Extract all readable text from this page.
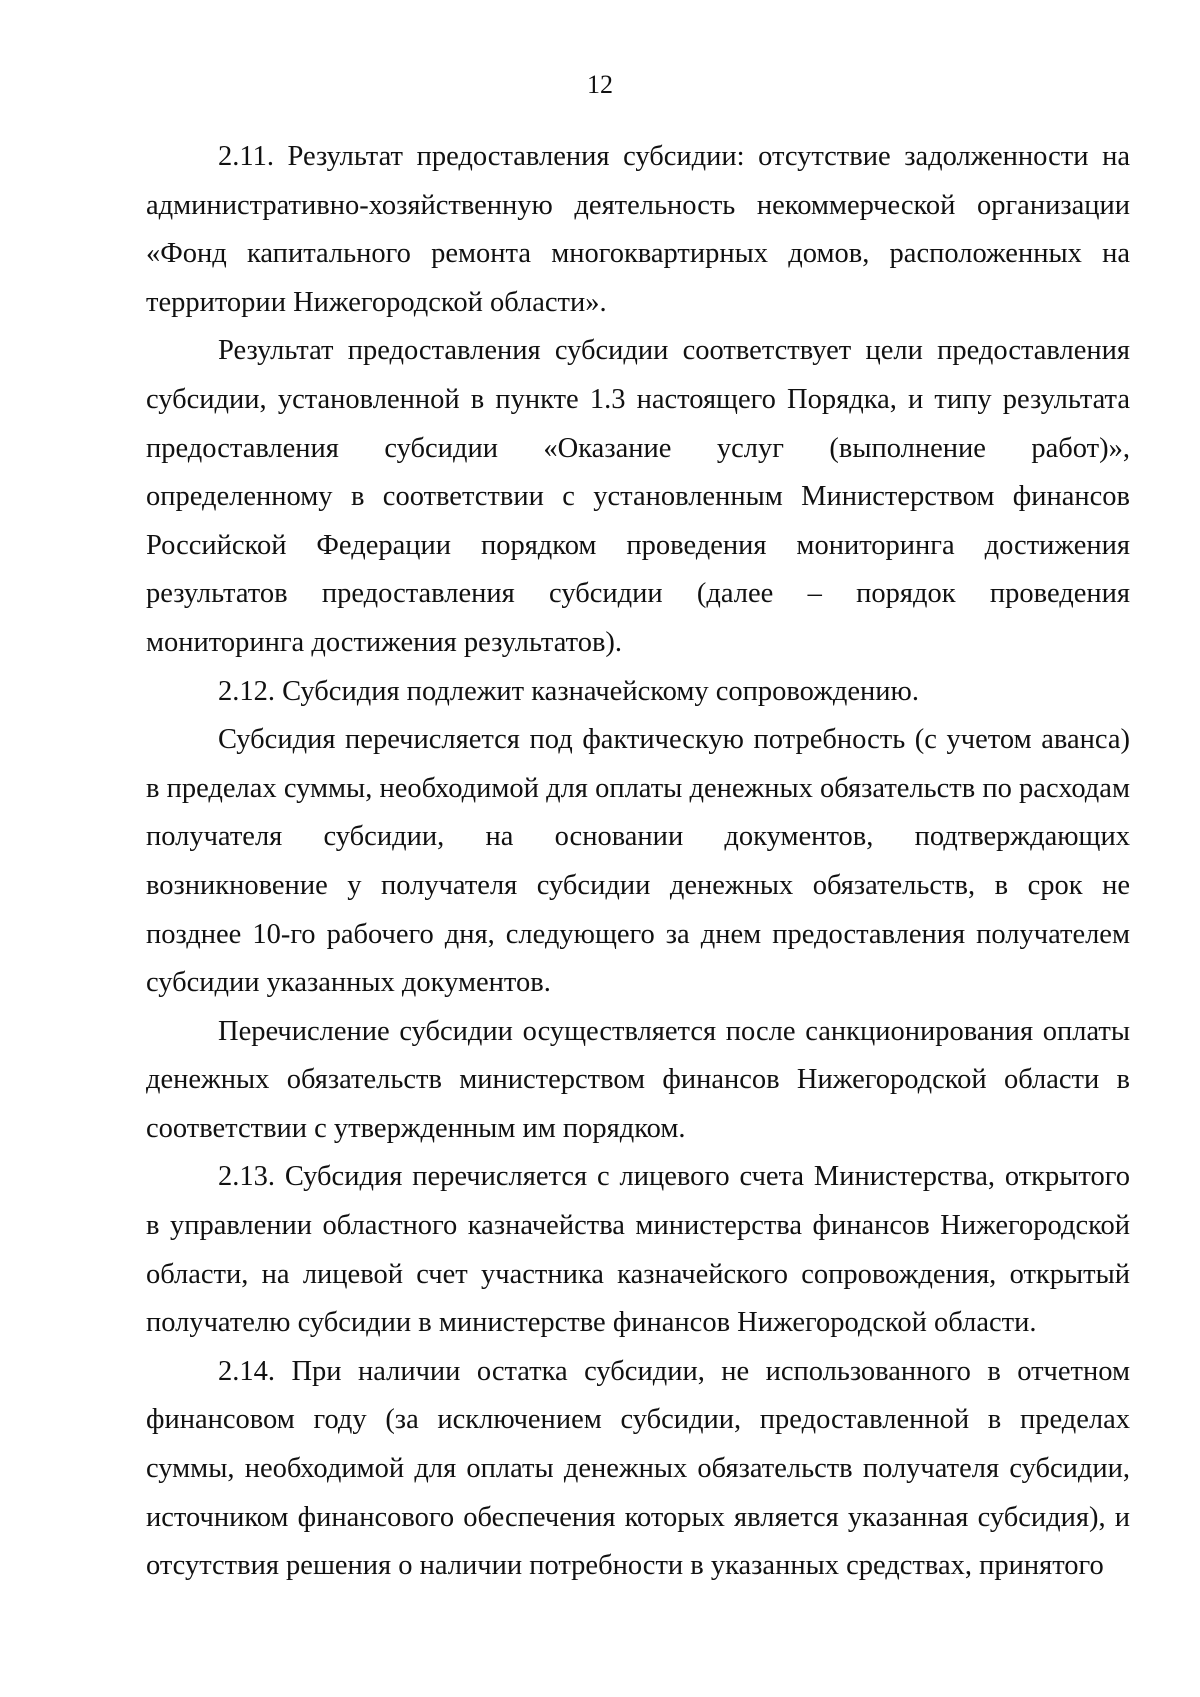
12

2.11. Результат предоставления субсидии: отсутствие задолженности на административно-хозяйственную деятельность некоммерческой организации «Фонд капитального ремонта многоквартирных домов, расположенных на территории Нижегородской области».

Результат предоставления субсидии соответствует цели предоставления субсидии, установленной в пункте 1.3 настоящего Порядка, и типу результата предоставления субсидии «Оказание услуг (выполнение работ)», определенному в соответствии с установленным Министерством финансов Российской Федерации порядком проведения мониторинга достижения результатов предоставления субсидии (далее – порядок проведения мониторинга достижения результатов).

2.12. Субсидия подлежит казначейскому сопровождению.

Субсидия перечисляется под фактическую потребность (с учетом аванса) в пределах суммы, необходимой для оплаты денежных обязательств по расходам получателя субсидии, на основании документов, подтверждающих возникновение у получателя субсидии денежных обязательств, в срок не позднее 10-го рабочего дня, следующего за днем предоставления получателем субсидии указанных документов.

Перечисление субсидии осуществляется после санкционирования оплаты денежных обязательств министерством финансов Нижегородской области в соответствии с утвержденным им порядком.

2.13. Субсидия перечисляется с лицевого счета Министерства, открытого в управлении областного казначейства министерства финансов Нижегородской области, на лицевой счет участника казначейского сопровождения, открытый получателю субсидии в министерстве финансов Нижегородской области.

2.14. При наличии остатка субсидии, не использованного в отчетном финансовом году (за исключением субсидии, предоставленной в пределах суммы, необходимой для оплаты денежных обязательств получателя субсидии, источником финансового обеспечения которых является указанная субсидия), и отсутствия решения о наличии потребности в указанных средствах, принятого
